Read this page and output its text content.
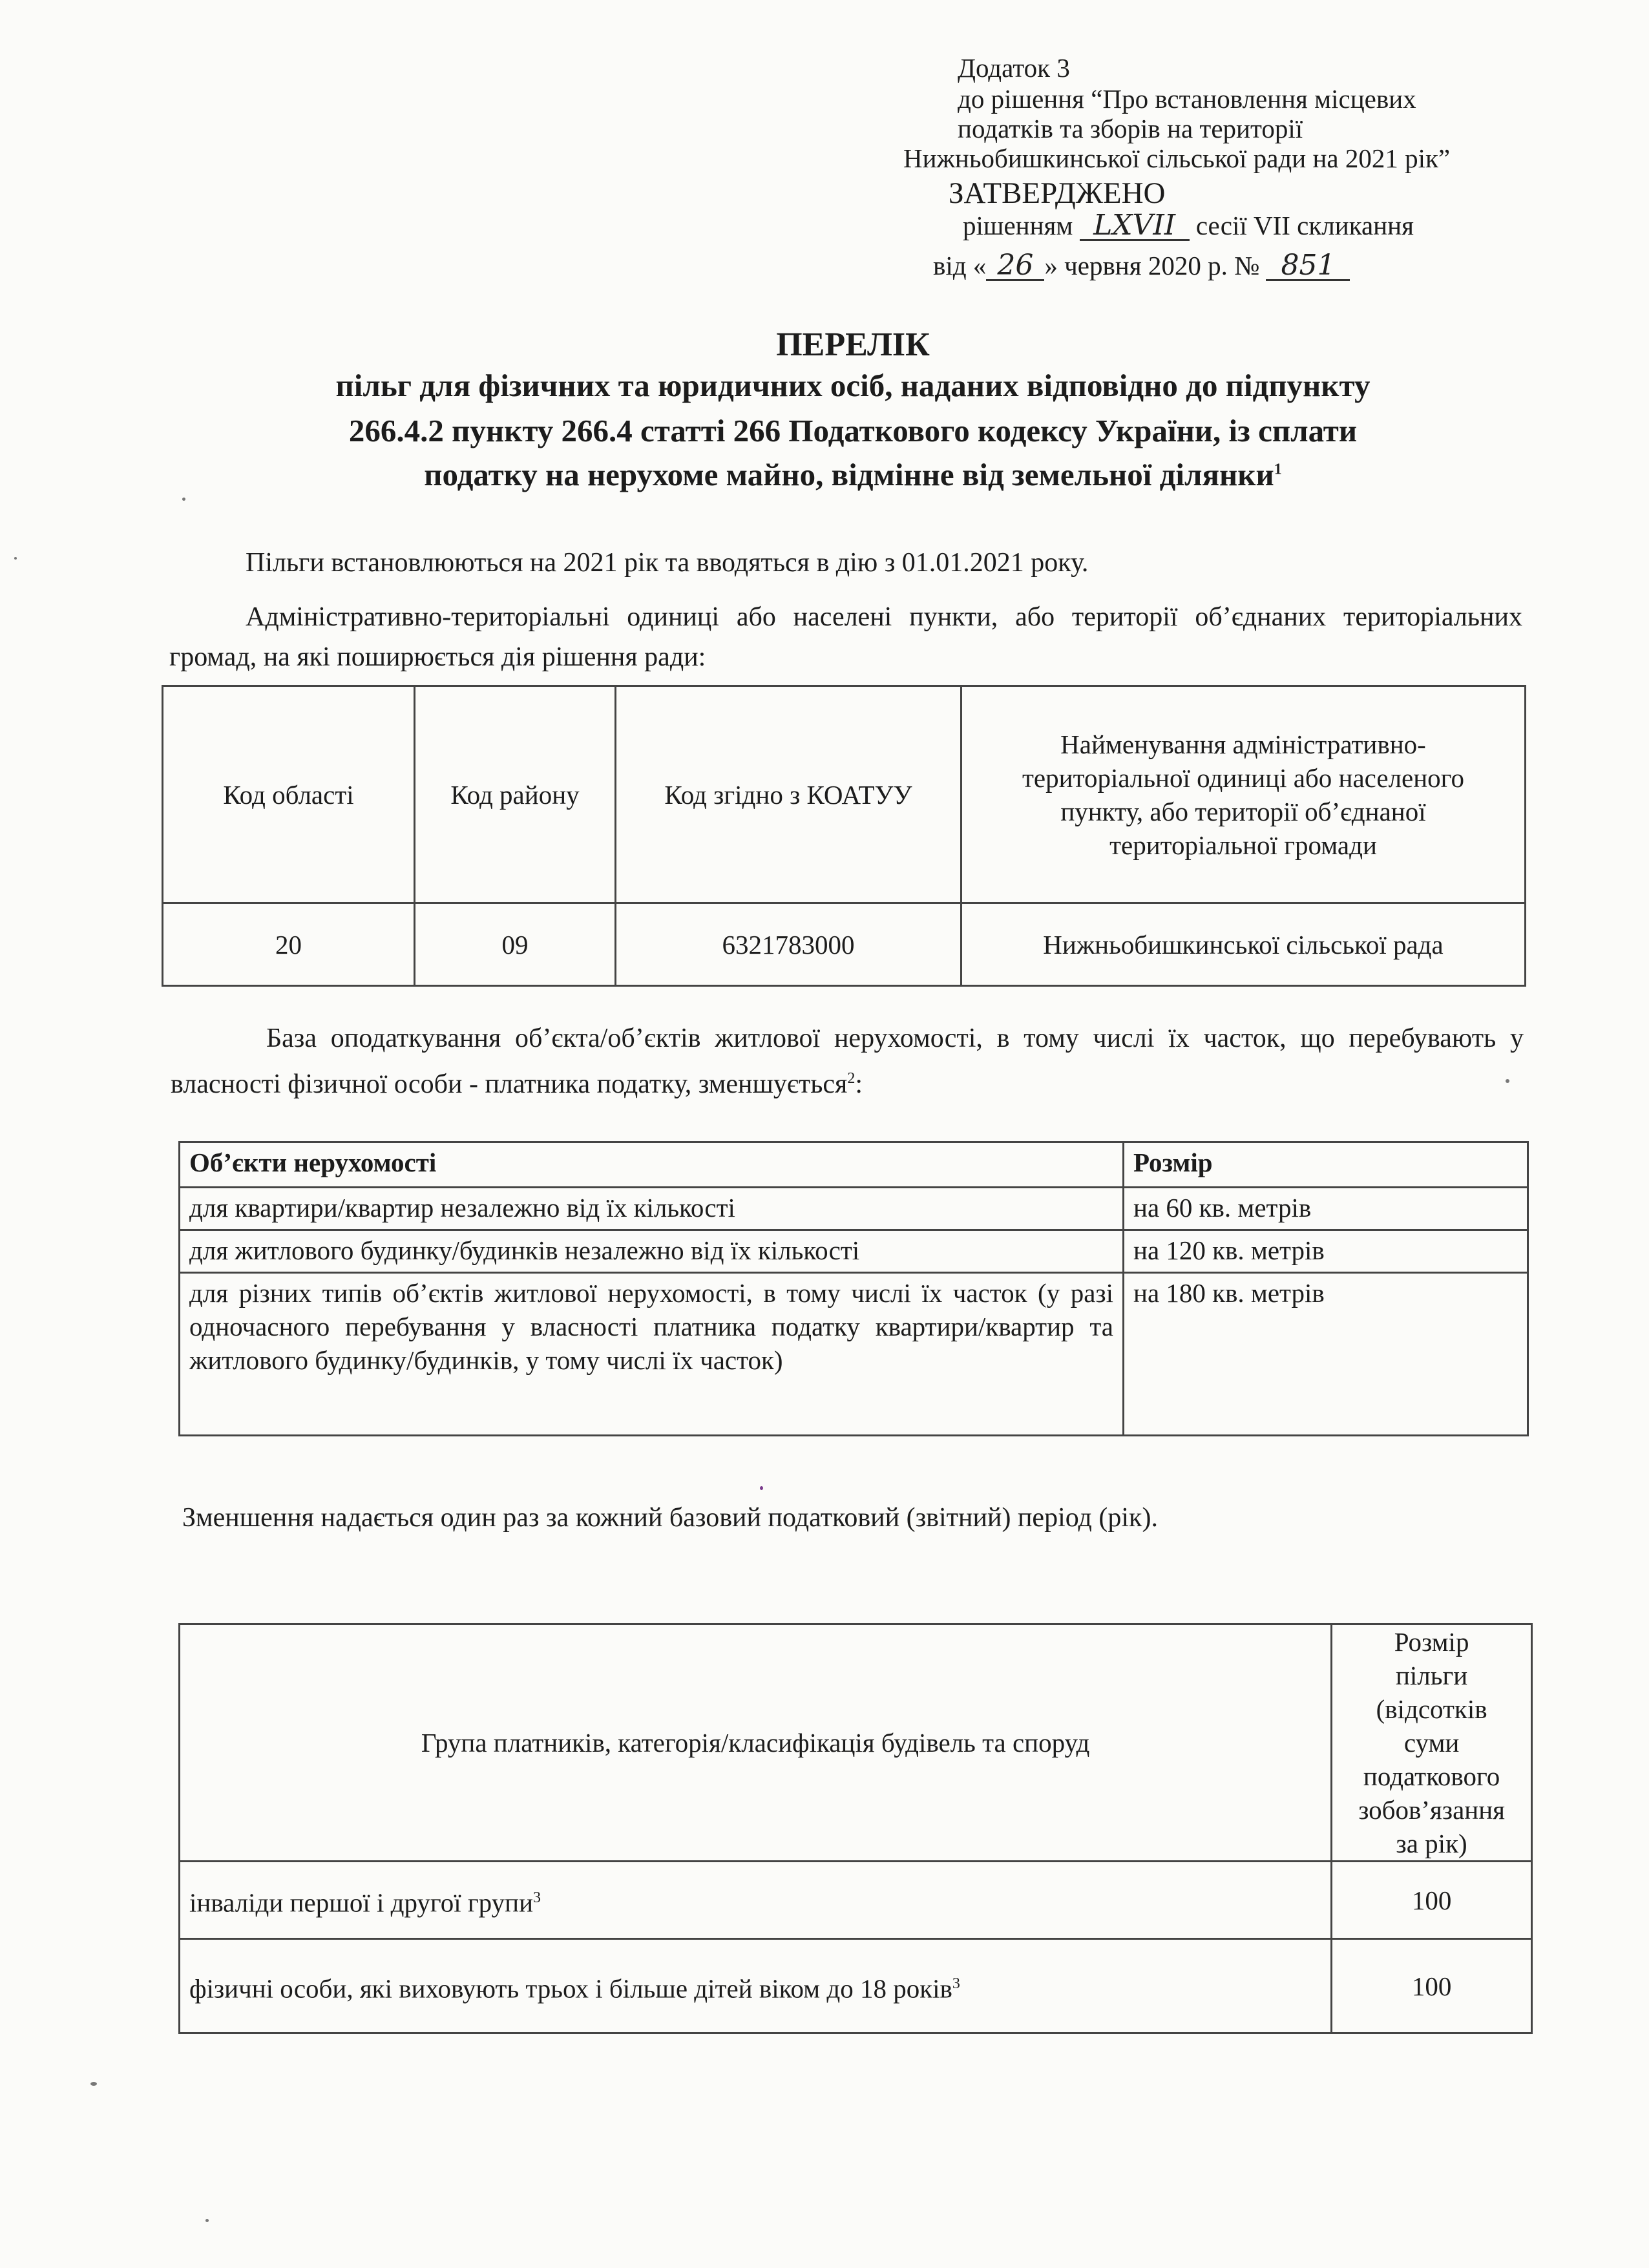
Додаток 3
до рішення “Про встановлення місцевих
податків та зборів на території
Нижньобишкинської сільської ради на 2021 рік”
ЗАТВЕРДЖЕНО
рішенням LXVII сесії VII скликання
від « 26 » червня 2020 р. № 851
ПЕРЕЛІК
пільг для фізичних та юридичних осіб, наданих відповідно до підпункту
266.4.2 пункту 266.4 статті 266 Податкового кодексу України, із сплати
податку на нерухоме майно, відмінне від земельної ділянки$^1$
Пільги встановлюються на 2021 рік та вводяться в дію з 01.01.2021 року.
Адміністративно-територіальні одиниці або населені пункти, або території об’єднаних територіальних громад, на які поширюється дія рішення ради:
Код області	Код району	Код згідно з КОАТУУ	Найменування адміністративно-територіальної одиниці або населеного пункту, або території об’єднаної територіальної громади
20	09	6321783000	Нижньобишкинської сільської рада
База оподаткування об’єкта/об’єктів житлової нерухомості, в тому числі їх часток, що перебувають у власності фізичної особи - платника податку, зменшується$^2$:
Об’єкти нерухомості	Розмір
для квартири/квартир незалежно від їх кількості	на 60 кв. метрів
для житлового будинку/будинків незалежно від їх кількості	на 120 кв. метрів
для різних типів об’єктів житлової нерухомості, в тому числі їх часток (у разі одночасного перебування у власності платника податку квартири/квартир та житлового будинку/будинків, у тому числі їх часток)	на 180 кв. метрів
Зменшення надається один раз за кожний базовий податковий (звітний) період (рік).
Група платників, категорія/класифікація будівель та споруд	Розмір пільги (відсотків суми податкового зобов’язання за рік)
інваліди першої і другої групи$^3$	100
фізичні особи, які виховують трьох і більше дітей віком до 18 років$^3$	100
